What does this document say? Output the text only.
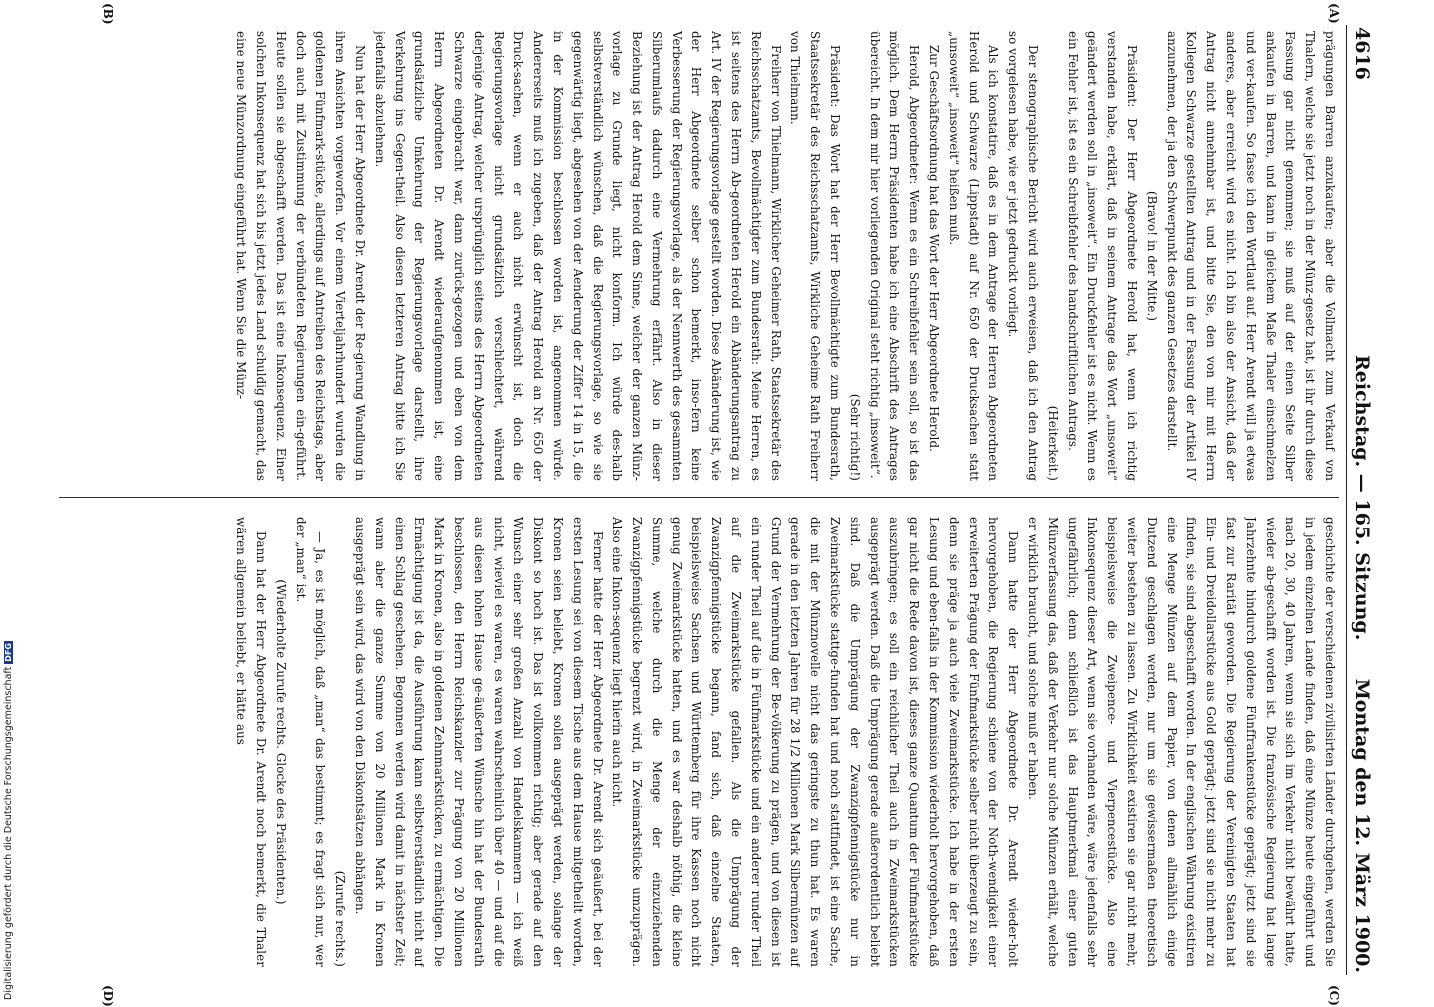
4616
Reichstag. — 165. Sitzung.
Montag den 12. März 1900.
(A)
(B)
(C)
(D)

prägungen Barren anzukaufen; aber die Vollmacht zum Verkauf von Thalern, welche sie jetzt noch in der Münz-gesetz hat, ist ihr durch diese Fassung gar nicht genommen; sie muß auf der einen Seite Silber ankaufen in Barren, und kann in gleichem Maße Thaler einschmelzen und ver-kaufen. So fasse ich den Wortlaut auf. Herr Arendt will ja etwas anderes, aber erreicht wird es nicht. Ich bin also der Ansicht, daß der Antrag nicht annehmbar ist, und bitte Sie, den von mir mit Herrn Kollegen Schwarze gestellten Antrag und in der Fassung der Artikel IV anzunehmen, der ja den Schwerpunkt des ganzen Gesetzes darstellt.

(Bravo! in der Mitte.)

Präsident: Der Herr Abgeordnete Herold hat, wenn ich richtig verstanden habe, erklärt, daß in seinem Antrage das Wort „unsoweit“ geändert werden soll in „insoweit“. Ein Druckfehler ist es nicht. Wenn es ein Fehler ist, ist es ein Schreibfehler des handschriftlichen Antrags.

(Heiterkeit.)

Der stenographische Bericht wird auch erweisen, daß ich den Antrag so vorgelesen habe, wie er jetzt gedruckt vorliegt.

Als ich konstatire, daß es in dem Antrage der Herren Abgeordneten Herold und Schwarze (Lippstadt) auf Nr. 650 der Drucksachen statt „unsoweit“ „insoweit“ heißen muß.

Zur Geschäftsordnung hat das Wort der Herr Abgeordnete Herold.

Herold, Abgeordneter: Wenn es ein Schreibfehler sein soll, so ist das möglich. Dem Herrn Präsidenten habe ich eine Abschrift des Antrages übereicht. In dem mir hier vorliegenden Original steht richtig „insoweit“.

(Sehr richtig!)

Präsident: Das Wort hat der Herr Bevollmächtigte zum Bundesrath, Staatssekretär des Reichsschatzamts, Wirkliche Geheime Rath Freiherr von Thielmann.

Freiherr von Thielmann, Wirklicher Geheimer Rath, Staatssekretär des Reichsschatzamts, Bevollmächtigter zum Bundesrath: Meine Herren, es ist seitens des Herrn Ab-geordneten Herold ein Abänderungsantrag zu Art. IV der Regierungsvorlage gestellt worden. Diese Abänderung ist, wie der Herr Abgeordnete selber schon bemerkt, inso-fern keine Verbesserung der Regierungsvorlage, als der Nennwerth des gesammten Silberumlaufs dadurch eine Vermehrung erfährt. Also in dieser Beziehung ist der Antrag Herold dem Sinne, welcher der ganzen Münz-vorlage zu Grunde liegt, nicht konform. Ich würde des-halb selbstverständlich wünschen, daß die Regierungsvorlage, so wie sie gegenwärtig liegt, abgesehen von der Aenderung der Ziffer 14 in 15, die in der Kommission beschlossen worden ist, angenommen würde. Andererseits muß ich zugeben, daß der Antrag Herold an Nr. 650 der Druck-sachen, wenn er auch nicht erwünscht ist, doch die Regierungsvorlage nicht grundsätzlich verschlechtert, während derjenige Antrag, welcher ursprünglich seitens des Herrn Abgeordneten Schwarze eingebracht war, dann zurück-gezogen und eben von dem Herrn Abgeordneten Dr. Arendt wiederaufgenommen ist, eine grundsätzliche Umkehrung der Regierungsvorlage darstellt, ihre Verkehrung ins Gegen-theil. Also diesen letzteren Antrag bitte ich Sie jedenfalls abzulehnen.

Nun hat der Herr Abgeordnete Dr. Arendt der Re-gierung Wandlung in ihren Ansichten vorgeworfen. Vor einem Vierteljahrhundert wurden die goldenen Fünfmark-stücke, allerdings auf Antreiben des Reichstags, aber doch auch mit Zustimmung der verbündeten Regierungen ein-geführt. Heute sollen sie abgeschafft werden. Das ist eine Inkonsequenz. Einer solchen Inkonsequenz hat sich bis jetzt jedes Land schuldig gemacht, das eine neue Münzordnung eingeführt hat. Wenn Sie die Münz-

geschichte der verschiedenen zivilisirten Länder durchgehen, werden Sie in jedem einzelnen Lande finden, daß eine Münze heute eingeführt und nach 20, 30, 40 Jahren, wenn sie sich im Verkehr nicht bewährt hatte, wieder ab-geschafft worden ist. Die französische Regierung hat lange Jahrzehnte hindurch goldene Fünffrankenstücke geprägt; jetzt sind sie fast zur Rarität geworden. Die Regierung der Vereinigten Staaten hat Ein- und Dreidollarstücke aus Gold geprägt; jetzt sind sie nicht mehr zu finden, sie sind abgeschafft worden. In der englischen Währung existiren eine Menge Münzen auf dem Papier, von denen allmählich einige Dutzend geschlagen werden, nur um sie gewissermaßen theoretisch weiter bestehen zu lassen. Zu Wirklichkeit existiren sie gar nicht mehr, beispielsweise die Zweipence- und Vierpencestücke. Also eine Inkonsequenz dieser Art, wenn sie vorhanden wäre, wäre jedenfalls sehr ungefährlich; denn schließlich ist das Hauptmerkmal einer guten Münzverfassung das, daß der Verkehr nur solche Münzen erhält, welche er wirklich braucht, und solche muß er haben.

Dann hatte der Herr Abgeordnete Dr. Arendt wieder-holt hervorgehoben, die Regierung schiene von der Noth-wendigkeit einer erweiterten Prägung der Fünfmarkstücke selber nicht überzeugt zu sein, denn sie präge ja auch viele Zweimarkstücke. Ich habe in der ersten Lesung und eben-falls in der Kommission wiederholt hervorgehoben, daß gar nicht die Rede davon ist, dieses ganze Quantum der Fünfmarkstücke auszubringen; es soll ein reichlicher Theil auch in Zweimarkstücken ausgeprägt werden. Daß die Umprägung gerade außerordentlich beliebt sind. Daß die Umprägung der Zwanzigpfennigstücke nur in Zweimarkstücke stattge-funden hat und noch stattfindet, ist eine Sache, die mit der Münznovelle nicht das geringste zu thun hat. Es waren gerade in den letzten Jahren für 28 1/2 Millionen Mark Silbermünzen auf Grund der Vermehrung der Be-völkerung zu prägen, und von diesen ist ein runder Theil auf die in Fünfmarkstücke und ein anderer runder Theil auf die Zweimarkstücke gefallen. Als die Umprägung der Zwanzigpfennigstücke begann, fand sich, daß einzelne Staaten, beispielsweise Sachsen und Württemberg für ihre Kassen noch nicht genug Zweimarkstücke hatten, und es war deshalb nöthig, die kleine Summe, welche durch die Menge der einzuziehenden Zwanzigpfennigstücke begrenzt wird, in Zweimarkstücke umzuprägen. Also eine Inkon-sequenz liegt hierin auch nicht.

Ferner hatte der Herr Abgeordnete Dr. Arendt sich geäußert, bei der ersten Lesung sei von diesem Tische aus dem Hause mitgetheilt worden, Kronen seien beliebt, Kronen sollen ausgeprägt werden, solange der Diskont so hoch ist. Das ist vollkommen richtig; aber gerade auf den Wunsch einer sehr großen Anzahl von Handelskammern — ich weiß nicht, wieviel es waren, es waren wahrscheinlich über 40 — und auf die aus diesen hohen Hause ge-äußerten Wünsche hin hat der Bundesrath beschlossen, den Herrn Reichskanzler zur Prägung von 20 Millionen Mark in Kronen, also in goldenen Zehnmarkstücken, zu ermächtigen. Die Ermächtigung ist da, die Ausführung kann selbstverständlich nicht auf einen Schlag geschehen. Begonnen werden wird damit in nächster Zeit; wann aber die ganze Summe von 20 Millionen Mark in Kronen ausgeprägt sein wird, das wird von den Diskontsätzen abhängen.

(Zurufe rechts.)

— Ja, es ist möglich, daß „man“ das bestimmt; es fragt sich nur, wer der „man“ ist.

(Wiederholte Zurufe rechts. Glocke des Präsidenten.)

Dann hat der Herr Abgeordnete Dr. Arendt noch bemerkt, die Thaler wären allgemein beliebt, er hätte aus

Digitalisierung gefördert durch die Deutsche ForschungsgemeinschaftDFG
